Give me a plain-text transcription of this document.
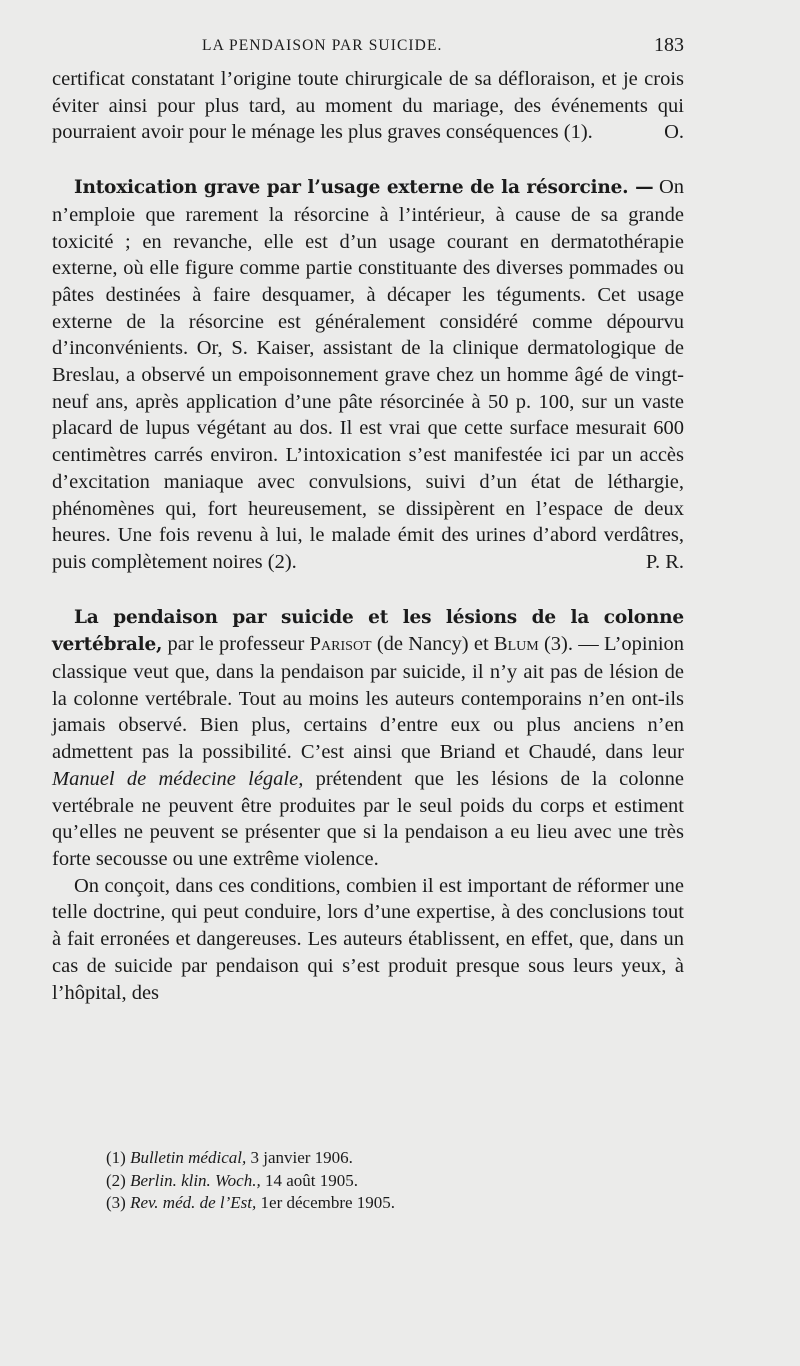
LA PENDAISON PAR SUICIDE.	183

certificat constatant l’origine toute chirurgicale de sa défloraison, et je crois éviter ainsi pour plus tard, au moment du mariage, des événements qui pourraient avoir pour le ménage les plus graves conséquences (1).	O.

Intoxication grave par l’usage externe de la résorcine. — On n’emploie que rarement la résorcine à l’intérieur, à cause de sa grande toxicité ; en revanche, elle est d’un usage courant en dermatothérapie externe, où elle figure comme partie constituante des diverses pommades ou pâtes destinées à faire desquamer, à décaper les téguments. Cet usage externe de la résorcine est généralement considéré comme dépourvu d’inconvénients. Or, S. Kaiser, assistant de la clinique dermatologique de Breslau, a observé un empoisonnement grave chez un homme âgé de vingt-neuf ans, après application d’une pâte résorcinée à 50 p. 100, sur un vaste placard de lupus végétant au dos. Il est vrai que cette surface mesurait 600 centimètres carrés environ. L’intoxication s’est manifestée ici par un accès d’excitation maniaque avec convulsions, suivi d’un état de léthargie, phénomènes qui, fort heureusement, se dissipèrent en l’espace de deux heures. Une fois revenu à lui, le malade émit des urines d’abord verdâtres, puis complètement noires (2).	P. R.

La pendaison par suicide et les lésions de la colonne vertébrale, par le professeur Parisot (de Nancy) et Blum (3). — L’opinion classique veut que, dans la pendaison par suicide, il n’y ait pas de lésion de la colonne vertébrale. Tout au moins les auteurs contemporains n’en ont-ils jamais observé. Bien plus, certains d’entre eux ou plus anciens n’en admettent pas la possibilité. C’est ainsi que Briand et Chaudé, dans leur Manuel de médecine légale, prétendent que les lésions de la colonne vertébrale ne peuvent être produites par le seul poids du corps et estiment qu’elles ne peuvent se présenter que si la pendaison a eu lieu avec une très forte secousse ou une extrême violence.

On conçoit, dans ces conditions, combien il est important de réformer une telle doctrine, qui peut conduire, lors d’une expertise, à des conclusions tout à fait erronées et dangereuses. Les auteurs établissent, en effet, que, dans un cas de suicide par pendaison qui s’est produit presque sous leurs yeux, à l’hôpital, des

(1) Bulletin médical, 3 janvier 1906.

(2) Berlin. klin. Woch., 14 août 1905.

(3) Rev. méd. de l’Est, 1er décembre 1905.
